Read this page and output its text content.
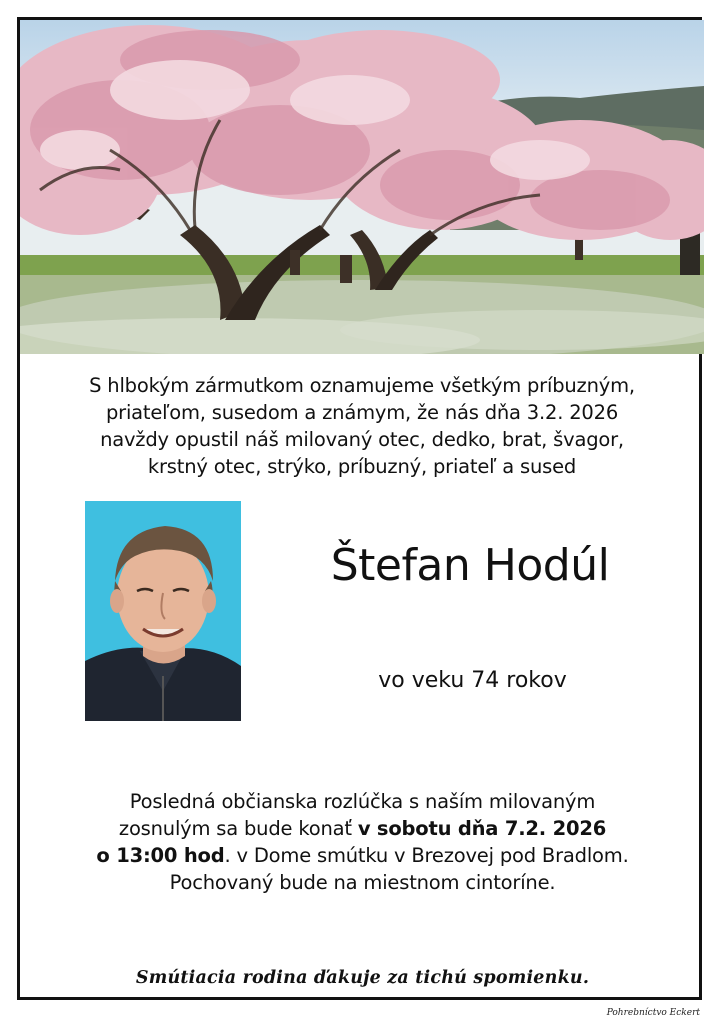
S hlbokým zármutkom oznamujeme všetkým príbuzným,
priateľom, susedom a známym, že nás dňa 3.2. 2026
navždy opustil náš milovaný otec, dedko, brat, švagor,
krstný otec, strýko, príbuzný, priateľ a sused
Štefan Hodúl
vo veku 74 rokov
Posledná občianska rozlúčka s naším milovaným
zosnulým sa bude konať v sobotu dňa 7.2. 2026
o 13:00 hod. v Dome smútku v Brezovej pod Bradlom.
Pochovaný bude na miestnom cintoríne.
Smútiacia rodina ďakuje za tichú spomienku.
Pohrebníctvo Eckert
